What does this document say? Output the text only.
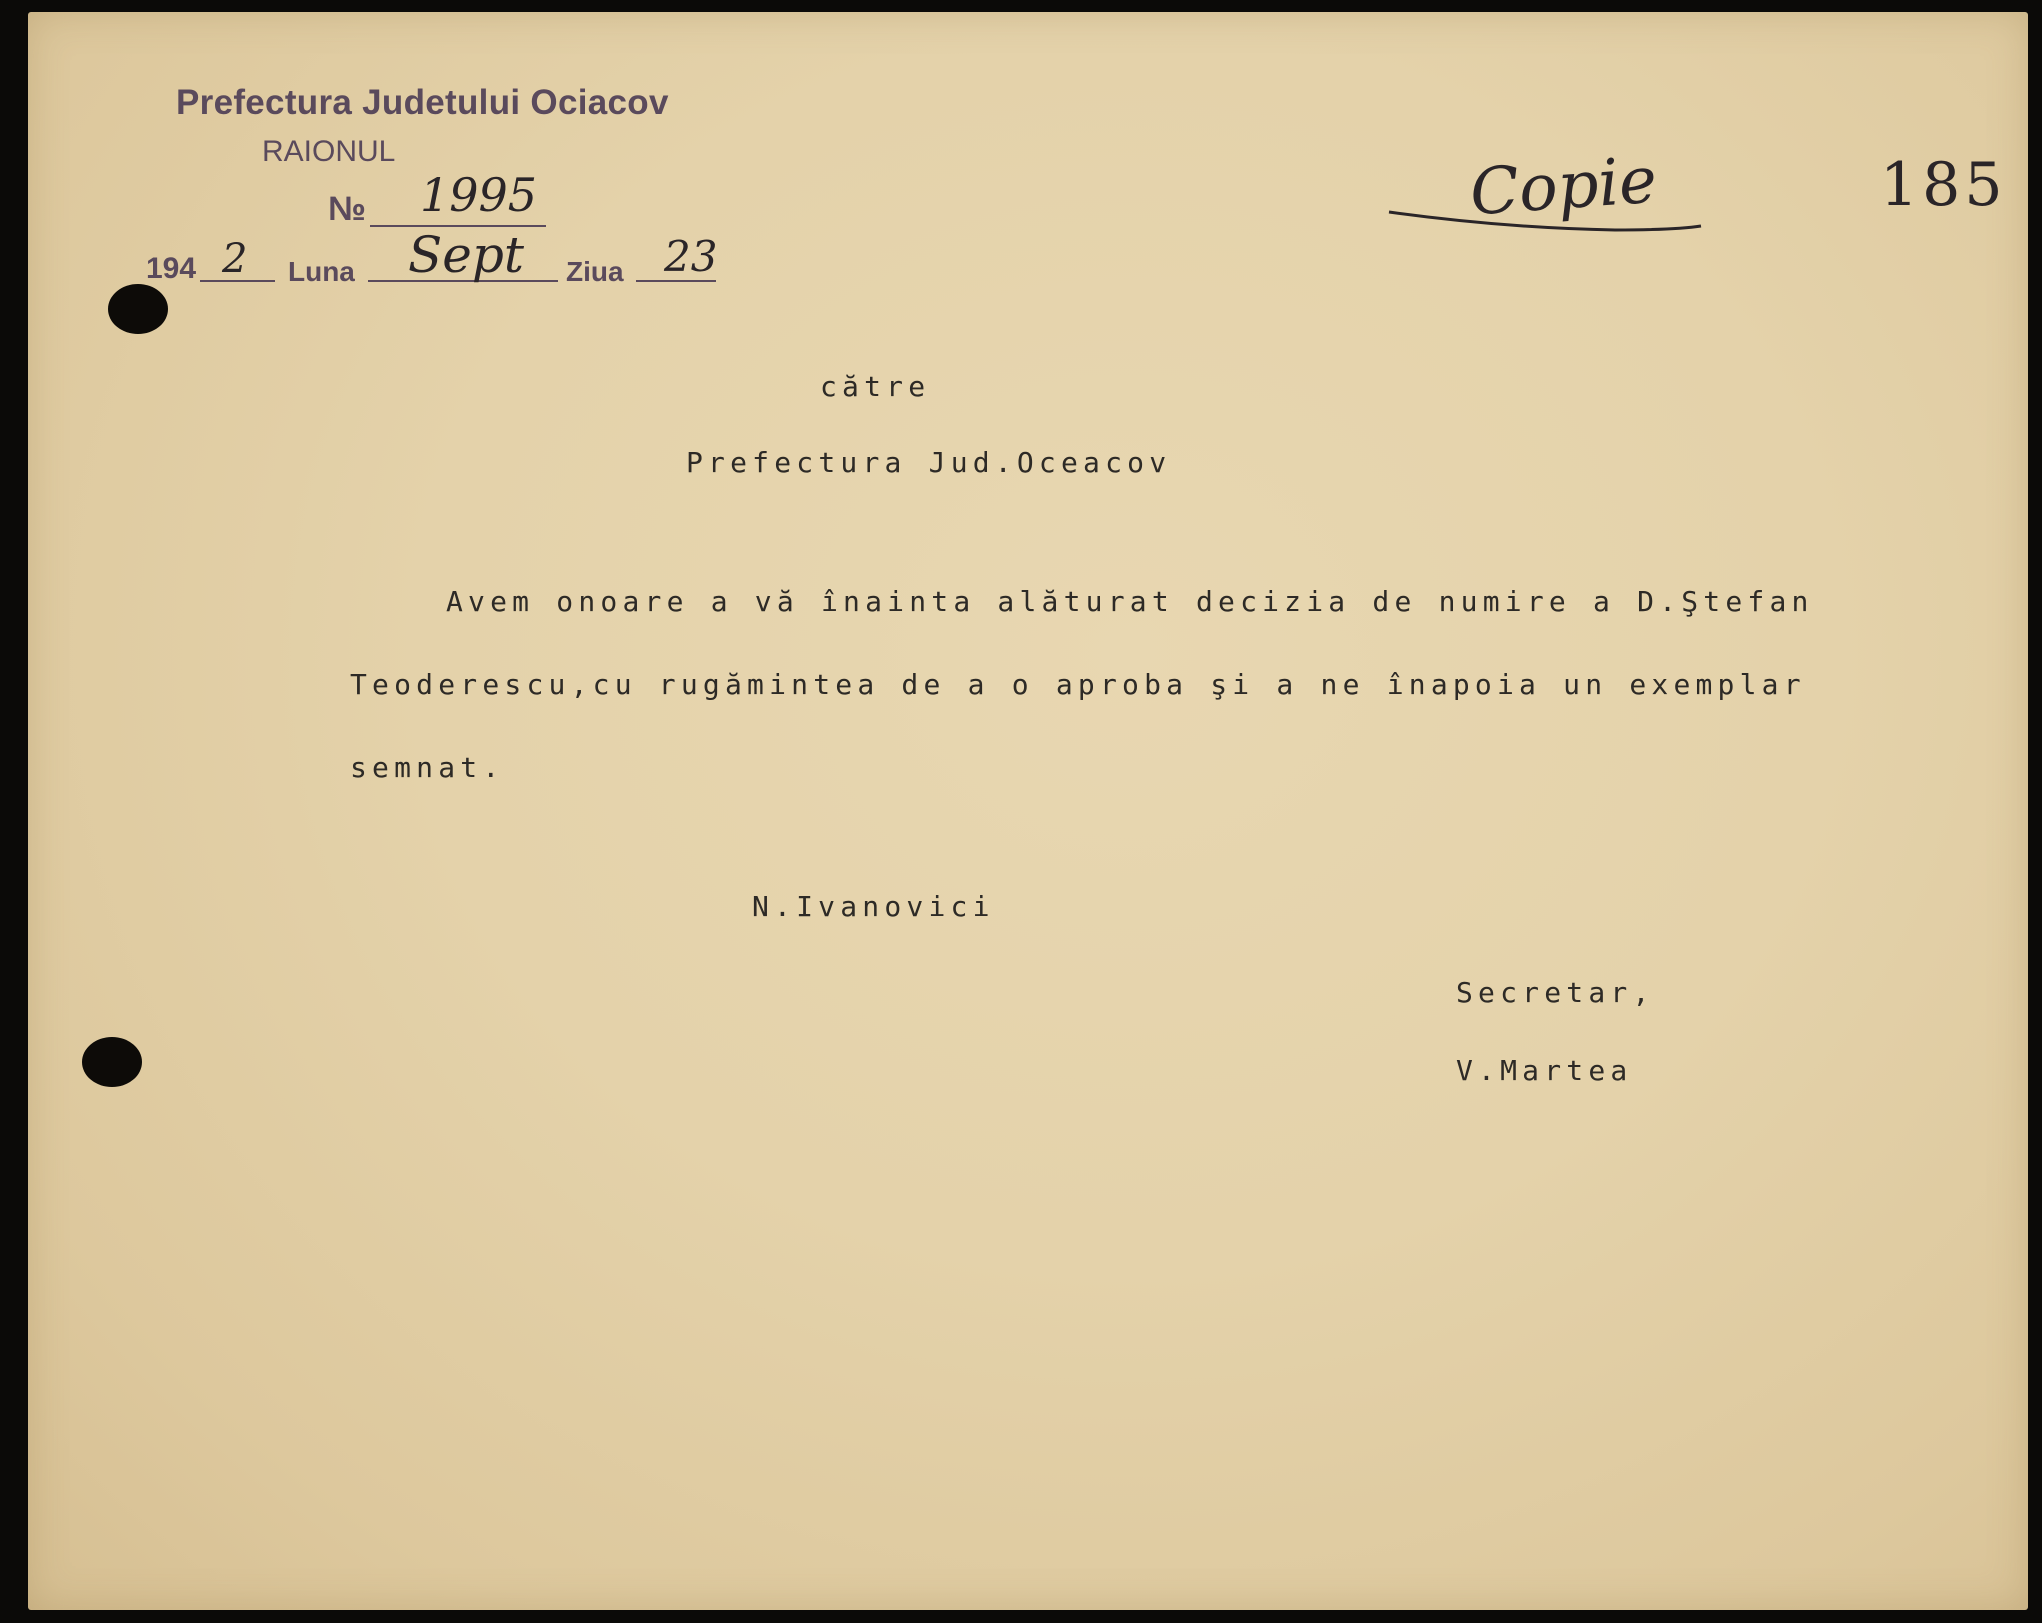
Prefectura Judetului Ociacov
RAIONUL
№ 1995
194 2 Luna Sept Ziua 23
Copie	185
către
Prefectura Jud.Oceacov
Avem onoare a vă înainta alăturat decizia de numire a D.Ştefan
Teoderescu,cu rugămintea de a o aproba şi a ne înapoia un exemplar
semnat.
N.Ivanovici
Secretar,
V.Martea
